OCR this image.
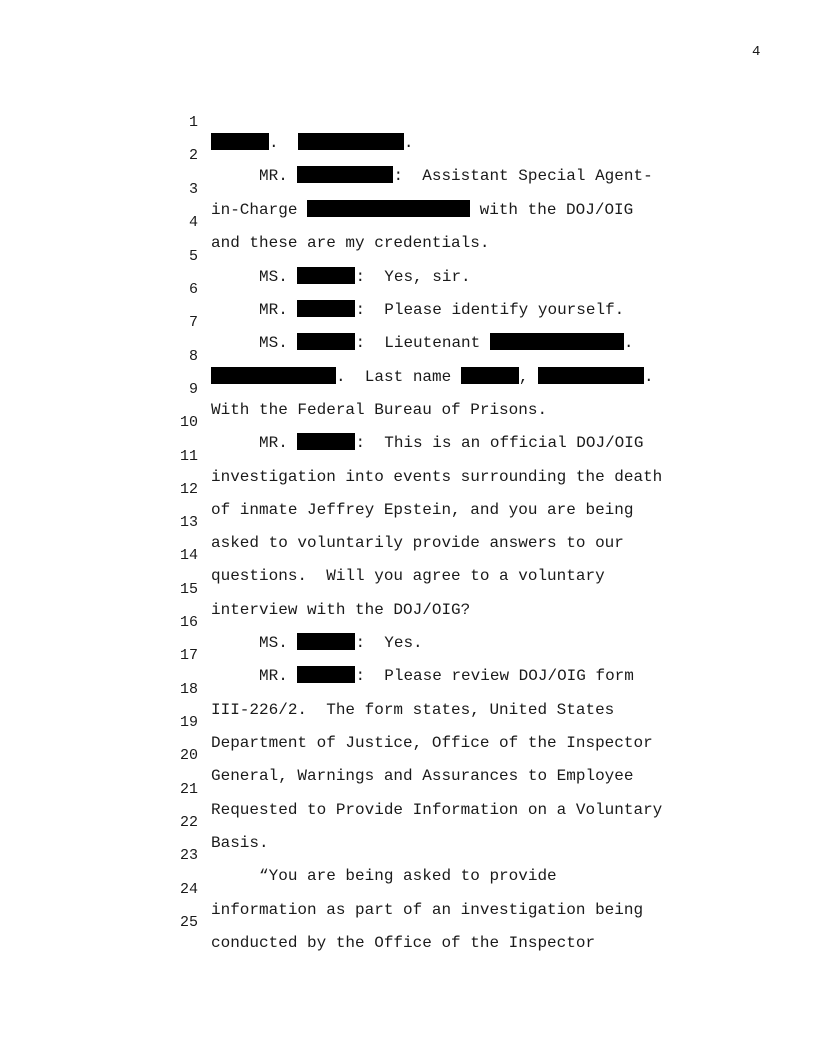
4

1

.	.

2

MR.	:  Assistant Special Agent-

3

in-Charge	with the DOJ/OIG

4

and these are my credentials.

5

MS.	:  Yes, sir.

6

MR.	:  Please identify yourself.

7

MS.	:  Lieutenant	.

8

.  Last name	,	.

9

With the Federal Bureau of Prisons.

10

MR.	:  This is an official DOJ/OIG

11

investigation into events surrounding the death

12

of inmate Jeffrey Epstein, and you are being

13

asked to voluntarily provide answers to our

14

questions.  Will you agree to a voluntary

15

interview with the DOJ/OIG?

16

MS.	:  Yes.

17

MR.	:  Please review DOJ/OIG form

18

III-226/2.  The form states, United States

19

Department of Justice, Office of the Inspector

20

General, Warnings and Assurances to Employee

21

Requested to Provide Information on a Voluntary

22

Basis.

23

“You are being asked to provide

24

information as part of an investigation being

25

conducted by the Office of the Inspector
